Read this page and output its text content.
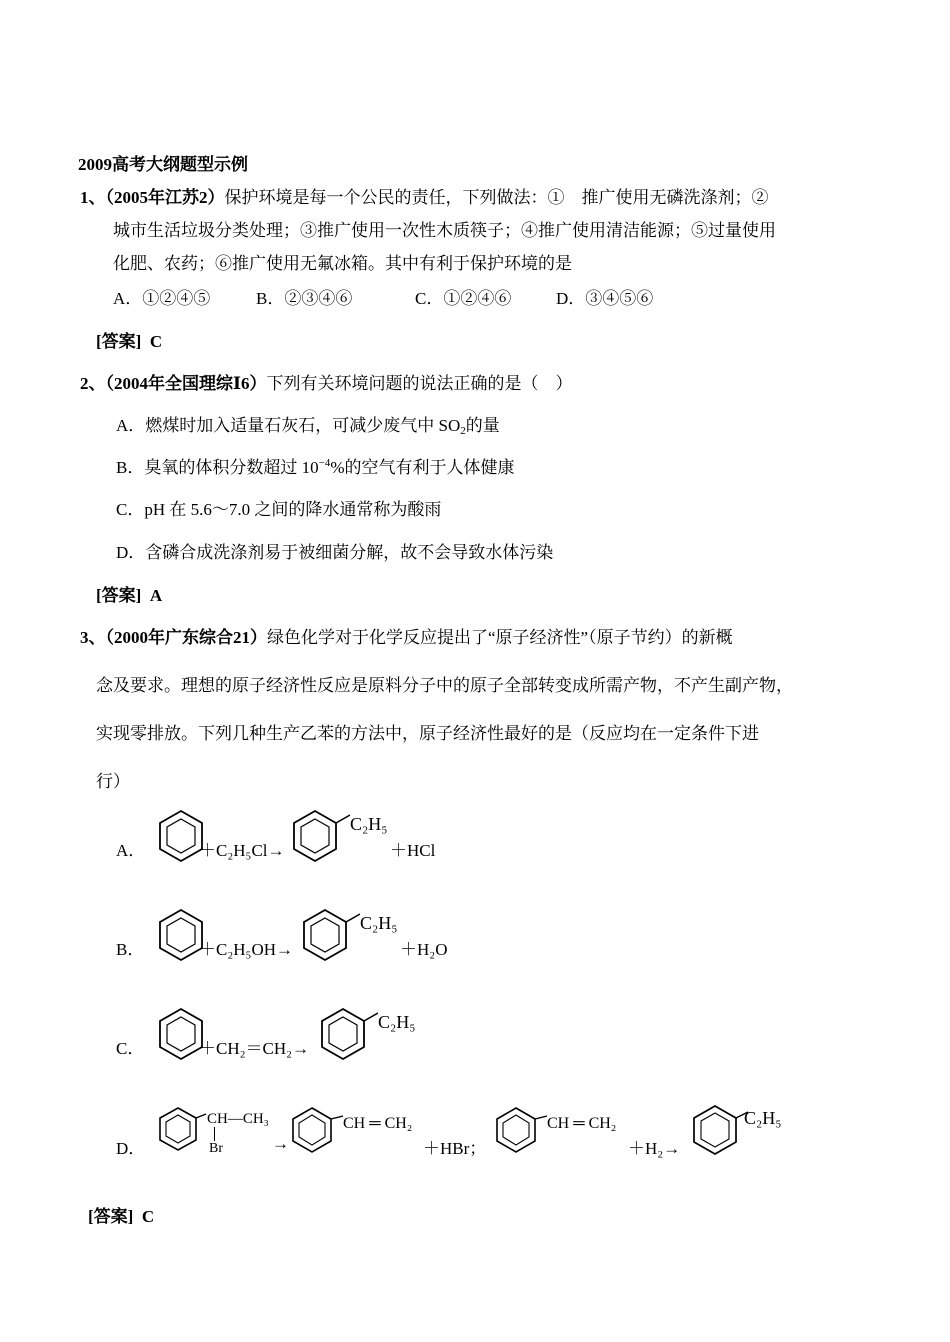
2009高考大纲题型示例
1、（2005年江苏2）保护环境是每一个公民的责任，下列做法：①　推广使用无磷洗涤剂；②
城市生活垃圾分类处理；③推广使用一次性木质筷子；④推广使用清洁能源；⑤过量使用
化肥、农药；⑥推广使用无氟冰箱。其中有利于保护环境的是
A．①②④⑤	B．②③④⑥	C．①②④⑥	D．③④⑤⑥
[答案] C
2、（2004年全国理综Ⅰ6）下列有关环境问题的说法正确的是（　）
A．燃煤时加入适量石灰石，可减少废气中 $SO_2$的量
B．臭氧的体积分数超过 $10^{-4}\%$的空气有利于人体健康
C．pH 在 5.6～7.0 之间的降水通常称为酸雨
D．含磷合成洗涤剂易于被细菌分解，故不会导致水体污染
[答案] A
3、（2000年广东综合21）绿色化学对于化学反应提出了“原子经济性”（原子节约）的新概
念及要求。理想的原子经济性反应是原料分子中的原子全部转变成所需产物，不产生副产物，
实现零排放。下列几种生产乙苯的方法中，原子经济性最好的是（反应均在一定条件下进
行）
A．	＋C₂H₅Cl→
C₂H₅
＋HCl
B．	＋C₂H₅OH→
C₂H₅
＋H₂O
C．	＋CH₂＝CH₂→
C₂H₅
D．
CH—CH₃
Br	→
CH ═ CH₂
＋HBr；
CH ═ CH₂
＋H₂→
C₂H₅
[答案] C
